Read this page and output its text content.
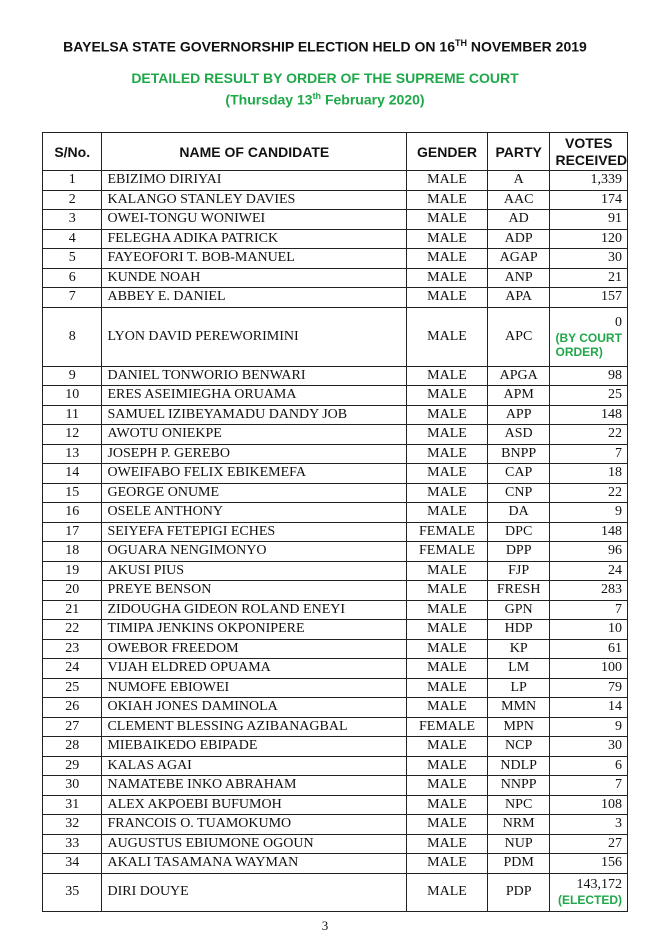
BAYELSA STATE GOVERNORSHIP ELECTION HELD ON 16TH NOVEMBER 2019
DETAILED RESULT BY ORDER OF THE SUPREME COURT
(Thursday 13th February 2020)
S/No.	NAME OF CANDIDATE	GENDER	PARTY	VOTES RECEIVED
1	EBIZIMO DIRIYAI	MALE	A	1,339
2	KALANGO STANLEY DAVIES	MALE	AAC	174
3	OWEI-TONGU WONIWEI	MALE	AD	91
4	FELEGHA ADIKA PATRICK	MALE	ADP	120
5	FAYEOFORI T. BOB-MANUEL	MALE	AGAP	30
6	KUNDE NOAH	MALE	ANP	21
7	ABBEY E. DANIEL	MALE	APA	157
8	LYON DAVID PEREWORIMINI	MALE	APC	0
(BY COURT ORDER)

9	DANIEL TONWORIO BENWARI	MALE	APGA	98
10	ERES ASEIMIEGHA ORUAMA	MALE	APM	25
11	SAMUEL IZIBEYAMADU DANDY JOB	MALE	APP	148
12	AWOTU ONIEKPE	MALE	ASD	22
13	JOSEPH P. GEREBO	MALE	BNPP	7
14	OWEIFABO FELIX EBIKEMEFA	MALE	CAP	18
15	GEORGE ONUME	MALE	CNP	22
16	OSELE ANTHONY	MALE	DA	9
17	SEIYEFA FETEPIGI ECHES	FEMALE	DPC	148
18	OGUARA NENGIMONYO	FEMALE	DPP	96
19	AKUSI PIUS	MALE	FJP	24
20	PREYE BENSON	MALE	FRESH	283
21	ZIDOUGHA GIDEON ROLAND ENEYI	MALE	GPN	7
22	TIMIPA JENKINS OKPONIPERE	MALE	HDP	10
23	OWEBOR FREEDOM	MALE	KP	61
24	VIJAH ELDRED OPUAMA	MALE	LM	100
25	NUMOFE EBIOWEI	MALE	LP	79
26	OKIAH JONES DAMINOLA	MALE	MMN	14
27	CLEMENT BLESSING AZIBANAGBAL	FEMALE	MPN	9
28	MIEBAIKEDO EBIPADE	MALE	NCP	30
29	KALAS AGAI	MALE	NDLP	6
30	NAMATEBE INKO ABRAHAM	MALE	NNPP	7
31	ALEX AKPOEBI BUFUMOH	MALE	NPC	108
32	FRANCOIS O. TUAMOKUMO	MALE	NRM	3
33	AUGUSTUS EBIUMONE OGOUN	MALE	NUP	27
34	AKALI TASAMANA WAYMAN	MALE	PDM	156
35	DIRI DOUYE	MALE	PDP	143,172
(ELECTED)
3
